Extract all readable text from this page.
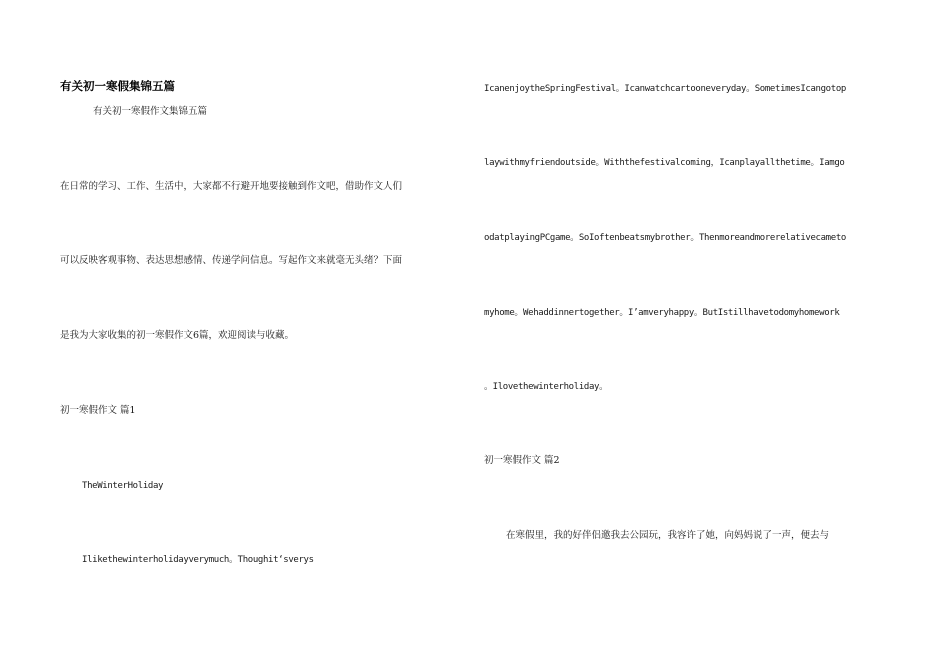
有关初一寒假集锦五篇
有关初一寒假作文集锦五篇
在日常的学习、工作、生活中，大家都不行避开地要接触到作文吧，借助作文人们
可以反映客观事物、表达思想感情、传递学问信息。写起作文来就毫无头绪？下面
是我为大家收集的初一寒假作文6篇，欢迎阅读与收藏。
初一寒假作文 篇1
TheWinterHoliday
Ilikethewinterholidayverymuch。Thoughit‘sverys
IcanenjoytheSpringFestival。Icanwatchcartooneveryday。SometimesIcangotop
laywithmyfriendoutside。Withthefestivalcoming，Icanplayallthetime。Iamgo
odatplayingPCgame。SoIoftenbeatsmybrother。Thenmoreandmorerelativecameto
myhome。Wehaddinnertogether。I’amveryhappy。ButIstillhavetodomyhomework
。Ilovethewinterholiday。
初一寒假作文 篇2
在寒假里，我的好伴侣邀我去公园玩，我容许了她，向妈妈说了一声，便去与
